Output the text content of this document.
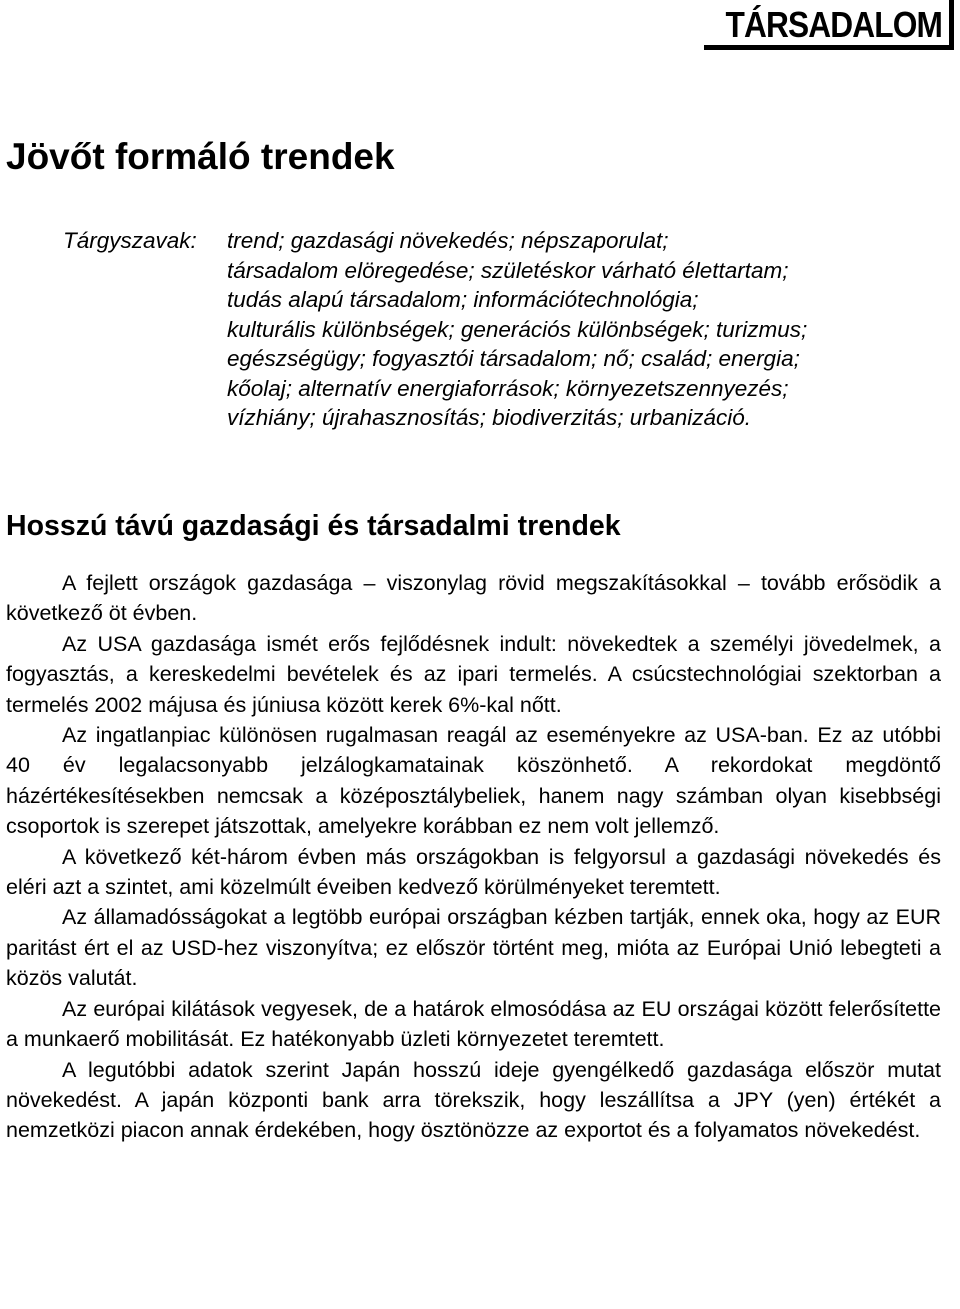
TÁRSADALOM
Jövőt formáló trendek
Tárgyszavak:	trend; gazdasági növekedés; népszaporulat;
társadalom elöregedése; születéskor várható élettartam;
tudás alapú társadalom; információtechnológia;
kulturális különbségek; generációs különbségek; turizmus;
egészségügy; fogyasztói társadalom; nő; család; energia;
kőolaj; alternatív energiaforrások; környezetszennyezés;
vízhiány; újrahasznosítás; biodiverzitás; urbanizáció.
Hosszú távú gazdasági és társadalmi trendek

A fejlett országok gazdasága – viszonylag rövid megszakításokkal – tovább erősödik a következő öt évben.

Az USA gazdasága ismét erős fejlődésnek indult: növekedtek a személyi jövedelmek, a fogyasztás, a kereskedelmi bevételek és az ipari termelés. A csúcstechnológiai szektorban a termelés 2002 májusa és júniusa között kerek 6%-kal nőtt.

Az ingatlanpiac különösen rugalmasan reagál az eseményekre az USA-ban. Ez az utóbbi 40 év legalacsonyabb jelzálogkamatainak köszönhető. A rekordokat megdöntő házértékesítésekben nemcsak a középosztálybeliek, hanem nagy számban olyan kisebbségi csoportok is szerepet játszottak, amelyekre korábban ez nem volt jellemző.

A következő két-három évben más országokban is felgyorsul a gazdasági növekedés és eléri azt a szintet, ami közelmúlt éveiben kedvező körülményeket teremtett.

Az államadósságokat a legtöbb európai országban kézben tartják, ennek oka, hogy az EUR paritást ért el az USD-hez viszonyítva; ez először történt meg, mióta az Európai Unió lebegteti a közös valutát.

Az európai kilátások vegyesek, de a határok elmosódása az EU országai között felerősítette a munkaerő mobilitását. Ez hatékonyabb üzleti környezetet teremtett.

A legutóbbi adatok szerint Japán hosszú ideje gyengélkedő gazdasága először mutat növekedést. A japán központi bank arra törekszik, hogy leszállítsa a JPY (yen) értékét a nemzetközi piacon annak érdekében, hogy ösztönözze az exportot és a folyamatos növekedést.
